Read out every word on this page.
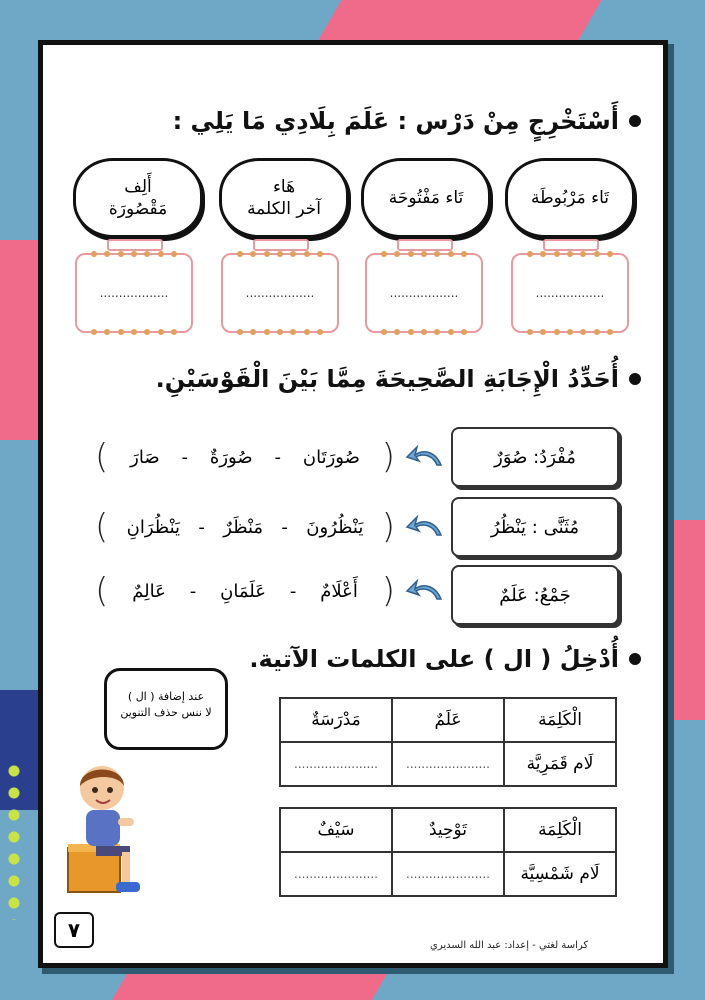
أَسْتَخْرِجٍ مِنْ دَرْس : عَلَمَ بِلَادِي مَا يَلِي :
تَاء مَرْبُوطَة
تَاء مَفْتُوحَة
هَاء
آخر الكلمة
أَلِف
مَقْصُورَة
..................
..................
..................
..................
أُحَدِّدُ الْإِجَابَةِ الصَّحِيحَةَ مِمَّا بَيْنَ الْقَوْسَيْنِ.
مُفْرَدُ: صُوَرٌ
(
صُورَتَان
-
صُورَةٌ
-
صَارَ
)
مُثَنَّى : يَنْظُرُ
(
يَنْظُرُونَ
-
مَنْظَرٌ
-
يَنْظُرَانِ
)
جَمْعُ: عَلَمٌ
(
أَعْلَامٌ
-
عَلَمَانِ
-
عَالِمٌ
)
أُدْخِلُ ( ال ) على الكلمات الآتية.
الْكَلِمَة	عَلَمٌ	مَدْرَسَةٌ
لَام قَمَرِيَّة	......................	......................
الْكَلِمَة	تَوْحِيدٌ	سَيْفٌ
لَام شَمْسِيَّة	......................	......................
عند إضافة ( ال )
لا ننس حذف التنوين
٧
كراسة لغتي - إعداد: عبد الله السديري
